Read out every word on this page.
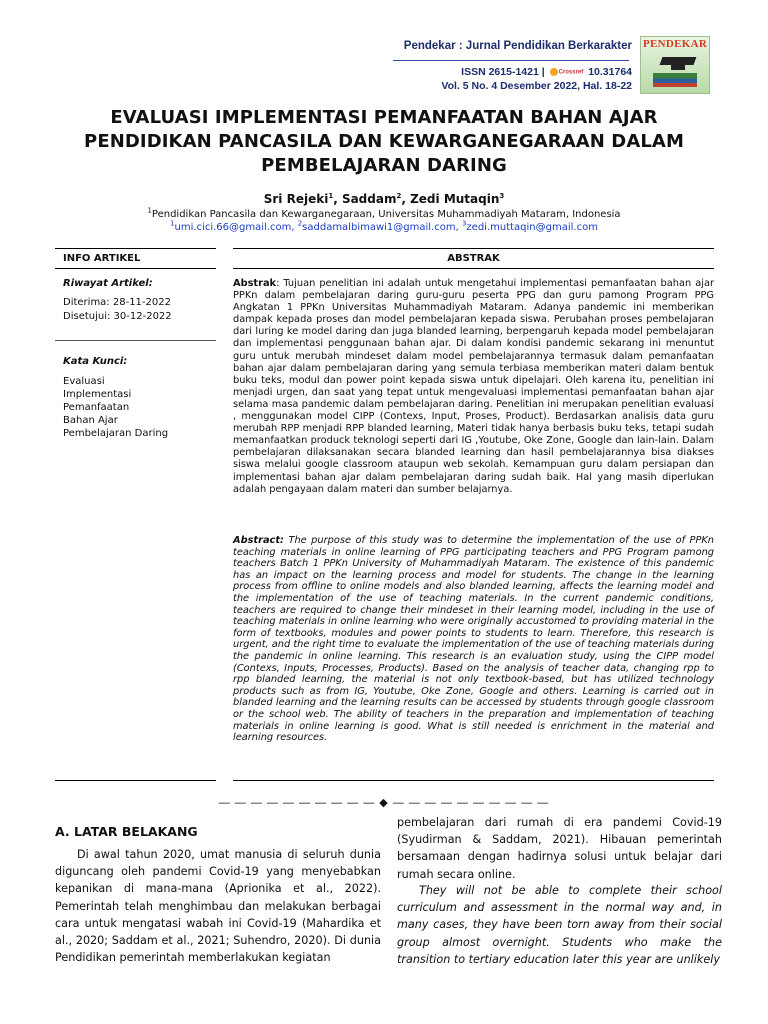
Pendekar : Jurnal Pendidikan Berkarakter
ISSN 2615-1421 | Crossref 10.31764
Vol. 5 No. 4 Desember 2022, Hal. 18-22
PENDEKAR
EVALUASI IMPLEMENTASI PEMANFAATAN BAHAN AJAR PENDIDIKAN PANCASILA DAN KEWARGANEGARAAN DALAM PEMBELAJARAN DARING
Sri Rejeki$^1$, Saddam$^2$, Zedi Mutaqin$^3$
$^1$Pendidikan Pancasila dan Kewarganegaraan, Universitas Muhammadiyah Mataram, Indonesia
$^1$umi.cici.66@gmail.com, $^2$saddamalbimawi1@gmail.com, $^3$zedi.muttaqin@gmail.com
INFO ARTIKEL
Riwayat Artikel:
Diterima: 28-11-2022
Disetujui: 30-12-2022
Kata Kunci:
Evaluasi
Implementasi
Pemanfaatan
Bahan Ajar
Pembelajaran Daring
ABSTRAK
Abstrak: Tujuan penelitian ini adalah untuk mengetahui implementasi pemanfaatan bahan ajar PPKn dalam pembelajaran daring guru-guru peserta PPG dan guru pamong Program PPG Angkatan 1 PPKn Universitas Muhammadiyah Mataram. Adanya pandemic ini memberikan dampak kepada proses dan model pembelajaran kepada siswa. Perubahan proses pembelajaran dari luring ke model daring dan juga blanded learning, berpengaruh kepada model pembelajaran dan implementasi penggunaan bahan ajar. Di dalam kondisi pandemic sekarang ini menuntut guru untuk merubah mindeset dalam model pembelajarannya termasuk dalam pemanfaatan bahan ajar dalam pembelajaran daring yang semula terbiasa memberikan materi dalam bentuk buku teks, modul dan power point kepada siswa untuk dipelajari. Oleh karena itu, penelitian ini menjadi urgen, dan saat yang tepat untuk mengevaluasi implementasi pemanfaatan bahan ajar selama masa pandemic dalam pembelajaran daring. Penelitian ini merupakan penelitian evaluasi , menggunakan model CIPP (Contexs, Input, Proses, Product). Berdasarkan analisis data guru merubah RPP menjadi RPP blanded learning, Materi tidak hanya berbasis buku teks, tetapi sudah memanfaatkan produck teknologi seperti dari IG ,Youtube, Oke Zone, Google dan lain-lain. Dalam pembelajaran dilaksanakan secara blanded learning dan hasil pembelajarannya bisa diakses siswa melalui google classroom ataupun web sekolah. Kemampuan guru dalam persiapan dan implementasi bahan ajar dalam pembelajaran daring sudah baik. Hal yang masih diperlukan adalah pengayaan dalam materi dan sumber belajarnya.
Abstract: The purpose of this study was to determine the implementation of the use of PPKn teaching materials in online learning of PPG participating teachers and PPG Program pamong teachers Batch 1 PPKn University of Muhammadiyah Mataram. The existence of this pandemic has an impact on the learning process and model for students. The change in the learning process from offline to online models and also blanded learning, affects the learning model and the implementation of the use of teaching materials. In the current pandemic conditions, teachers are required to change their mindeset in their learning model, including in the use of teaching materials in online learning who were originally accustomed to providing material in the form of textbooks, modules and power points to students to learn. Therefore, this research is urgent, and the right time to evaluate the implementation of the use of teaching materials during the pandemic in online learning. This research is an evaluation study, using the CIPP model (Contexs, Inputs, Processes, Products). Based on the analysis of teacher data, changing rpp to rpp blanded learning, the material is not only textbook-based, but has utilized technology products such as from IG, Youtube, Oke Zone, Google and others. Learning is carried out in blanded learning and the learning results can be accessed by students through google classroom or the school web. The ability of teachers in the preparation and implementation of teaching materials in online learning is good. What is still needed is enrichment in the material and learning resources.
— — — — — — — — — — ◆ — — — — — — — — — —
A. LATAR BELAKANG
Di awal tahun 2020, umat manusia di seluruh dunia diguncang oleh pandemi Covid-19 yang menyebabkan kepanikan di mana-mana (Aprionika et al., 2022). Pemerintah telah menghimbau dan melakukan berbagai cara untuk mengatasi wabah ini Covid-19 (Mahardika et al., 2020; Saddam et al., 2021; Suhendro, 2020). Di dunia Pendidikan pemerintah memberlakukan kegiatan
pembelajaran dari rumah di era pandemi Covid-19 (Syudirman & Saddam, 2021). Hibauan pemerintah bersamaan dengan hadirnya solusi untuk belajar dari rumah secara online.
They will not be able to complete their school curriculum and assessment in the normal way and, in many cases, they have been torn away from their social group almost overnight. Students who make the transition to tertiary education later this year are unlikely
